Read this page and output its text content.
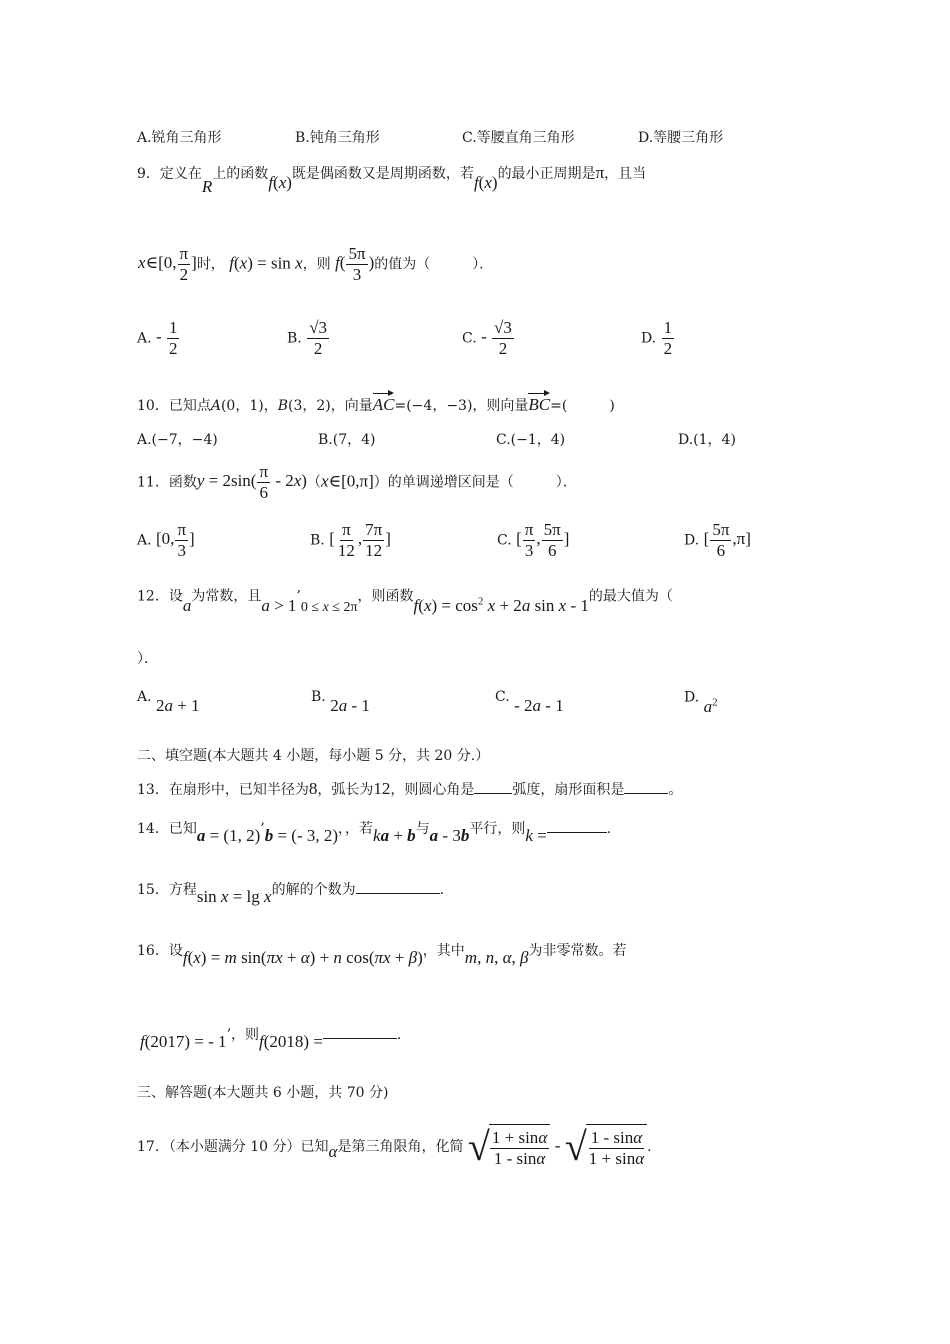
A.锐角三角形	B.钝角三角形	C.等腰直角三角形	D.等腰三角形
9．定义在R上的函数f(x)既是偶函数又是周期函数，若f(x)的最小正周期是π，且当
x∈[0, $\frac{\pi}{2}$ ]时， f(x) = sin x，则 $f( \frac{5\pi}{3}$ )的值为（　　　）．
A. - $\frac{1}{2}$	B. $\frac{√3}{2}$	C. - $\frac{√3}{2}$	D. $\frac{1}{2}$
10．已知点A(0，1)，B(3，2)，向量AC=(−4，−3)，则向量BC=(　　　)
A.(−7，−4)	B.(7，4)	C.(−1，4)	D.(1，4)
11．函数$y = 2\sin( \frac{\pi}{6}$ - 2x)（x∈[0,π]）的单调递增区间是（　　　）．
A. [0, $\frac{\pi}{3}$ ]	B. [ $\frac{\pi}{12}$ , $\frac{7\pi}{12}$ ]	C. [ $\frac{\pi}{3}$ , $\frac{5\pi}{6}$ ]	D. [ $\frac{5\pi}{6} ,\pi$]
12．设a为常数，且a > 1’0 ≤ x ≤ 2π，则函数$f(x) = \cos^2 x + 2a$ sin x - 1的最大值为（
）．
A. 2a + 1	B. 2a - 1	C. - 2a - 1	D. $a^2$
二、填空题(本大题共 4 小题，每小题 5 分，共 20 分.）
13．在扇形中，已知半径为8，弧长为12，则圆心角是	弧度，扇形面积是	。
14．已知a = (1, 2)’b = (- 3, 2)，，若ka + b与a - 3b平行，则k =	.
15．方程sin x = lg x的解的个数为	.
16．设f(x) = m sin(πx + α) + n cos(πx + β)，其中m, n, α, β为非零常数。若
f(2017) = - 1’，则f(2018) =	.
三、解答题(本大题共 6 小题，共 70 分)
17．（本小题满分 10 分）已知α是第三角限角，化简 √ $\frac{1 + \sin\alpha}{1 - \sin\alpha}$ - √ $\frac{1 - \sin\alpha}{1 + \sin\alpha}$ .
